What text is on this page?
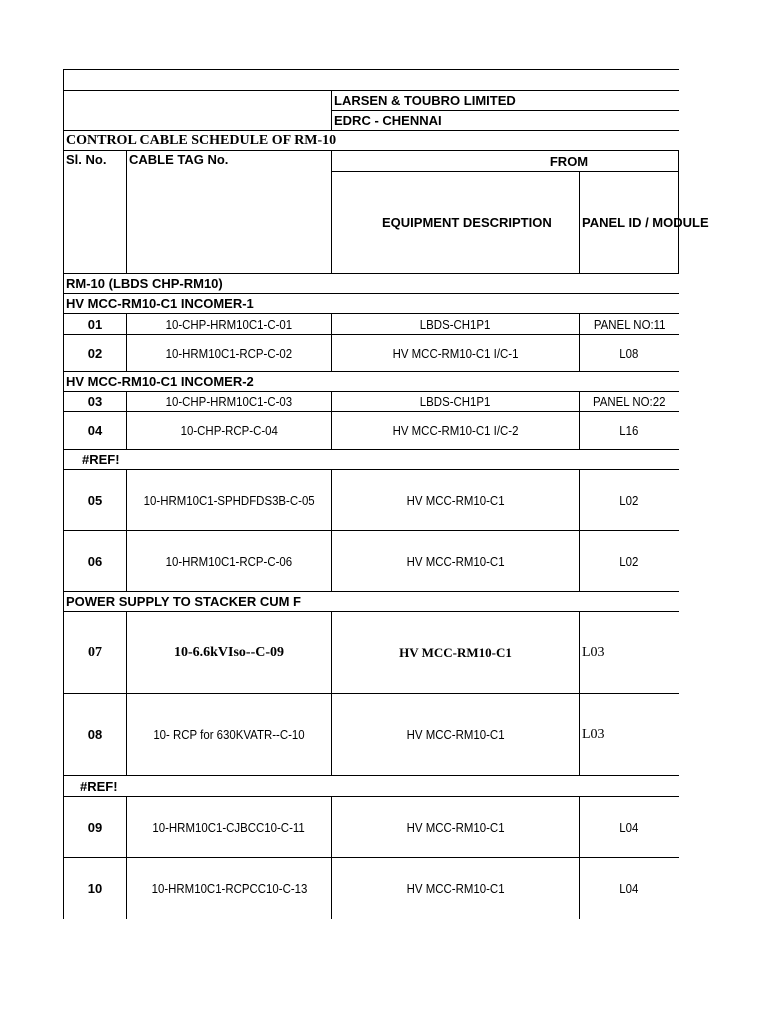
		LARSEN & TOUBRO LIMITED	
		EDRC - CHENNAI	
CONTROL CABLE SCHEDULE OF RM-10			
Sl. No.	CABLE TAG No.	FROM	
		EQUIPMENT DESCRIPTION	PANEL ID / MODULE
RM-10 (LBDS CHP-RM10)			
HV MCC-RM10-C1 INCOMER-1			
01	10-CHP-HRM10C1-C-01	LBDS-CH1P1	PANEL NO:11
02	10-HRM10C1-RCP-C-02	HV MCC-RM10-C1 I/C-1	L08
HV MCC-RM10-C1 INCOMER-2			
03	10-CHP-HRM10C1-C-03	LBDS-CH1P1	PANEL NO:22
04	10-CHP-RCP-C-04	HV MCC-RM10-C1 I/C-2	L16
#REF!			
05	10-HRM10C1-SPHDFDS3B-C-05	HV MCC-RM10-C1	L02
06	10-HRM10C1-RCP-C-06	HV MCC-RM10-C1	L02
POWER SUPPLY TO STACKER CUM F			
07	10-6.6kVIso--C-09	HV MCC-RM10-C1	L03
08	10- RCP for 630KVATR--C-10	HV MCC-RM10-C1	L03
#REF!			
09	10-HRM10C1-CJBCC10-C-11	HV MCC-RM10-C1	L04
10	10-HRM10C1-RCPCC10-C-13	HV MCC-RM10-C1	L04
